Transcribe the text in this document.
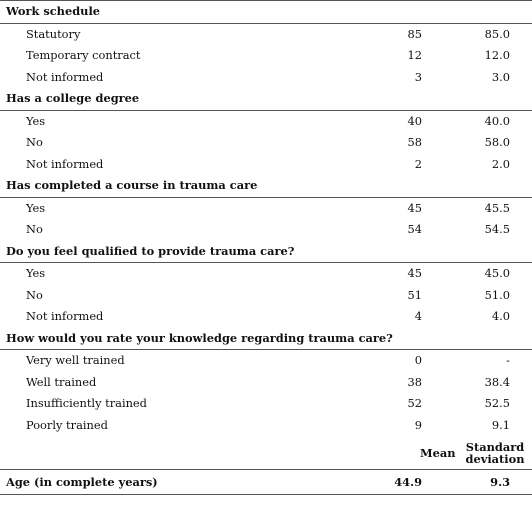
Work schedule		
Statutory	85	85.0
Temporary contract	12	12.0
Not informed	3	3.0
Has a college degree		
Yes	40	40.0
No	58	58.0
Not informed	2	2.0
Has completed a course in trauma care		
Yes	45	45.5
No	54	54.5
Do you feel qualified to provide trauma care?		
Yes	45	45.0
No	51	51.0
Not informed	4	4.0
How would you rate your knowledge regarding trauma care?		
Very well trained	0	-
Well trained	38	38.4
Insufficiently trained	52	52.5
Poorly trained	9	9.1
	Mean	Standard deviation
Age (in complete years)	44.9	9.3
